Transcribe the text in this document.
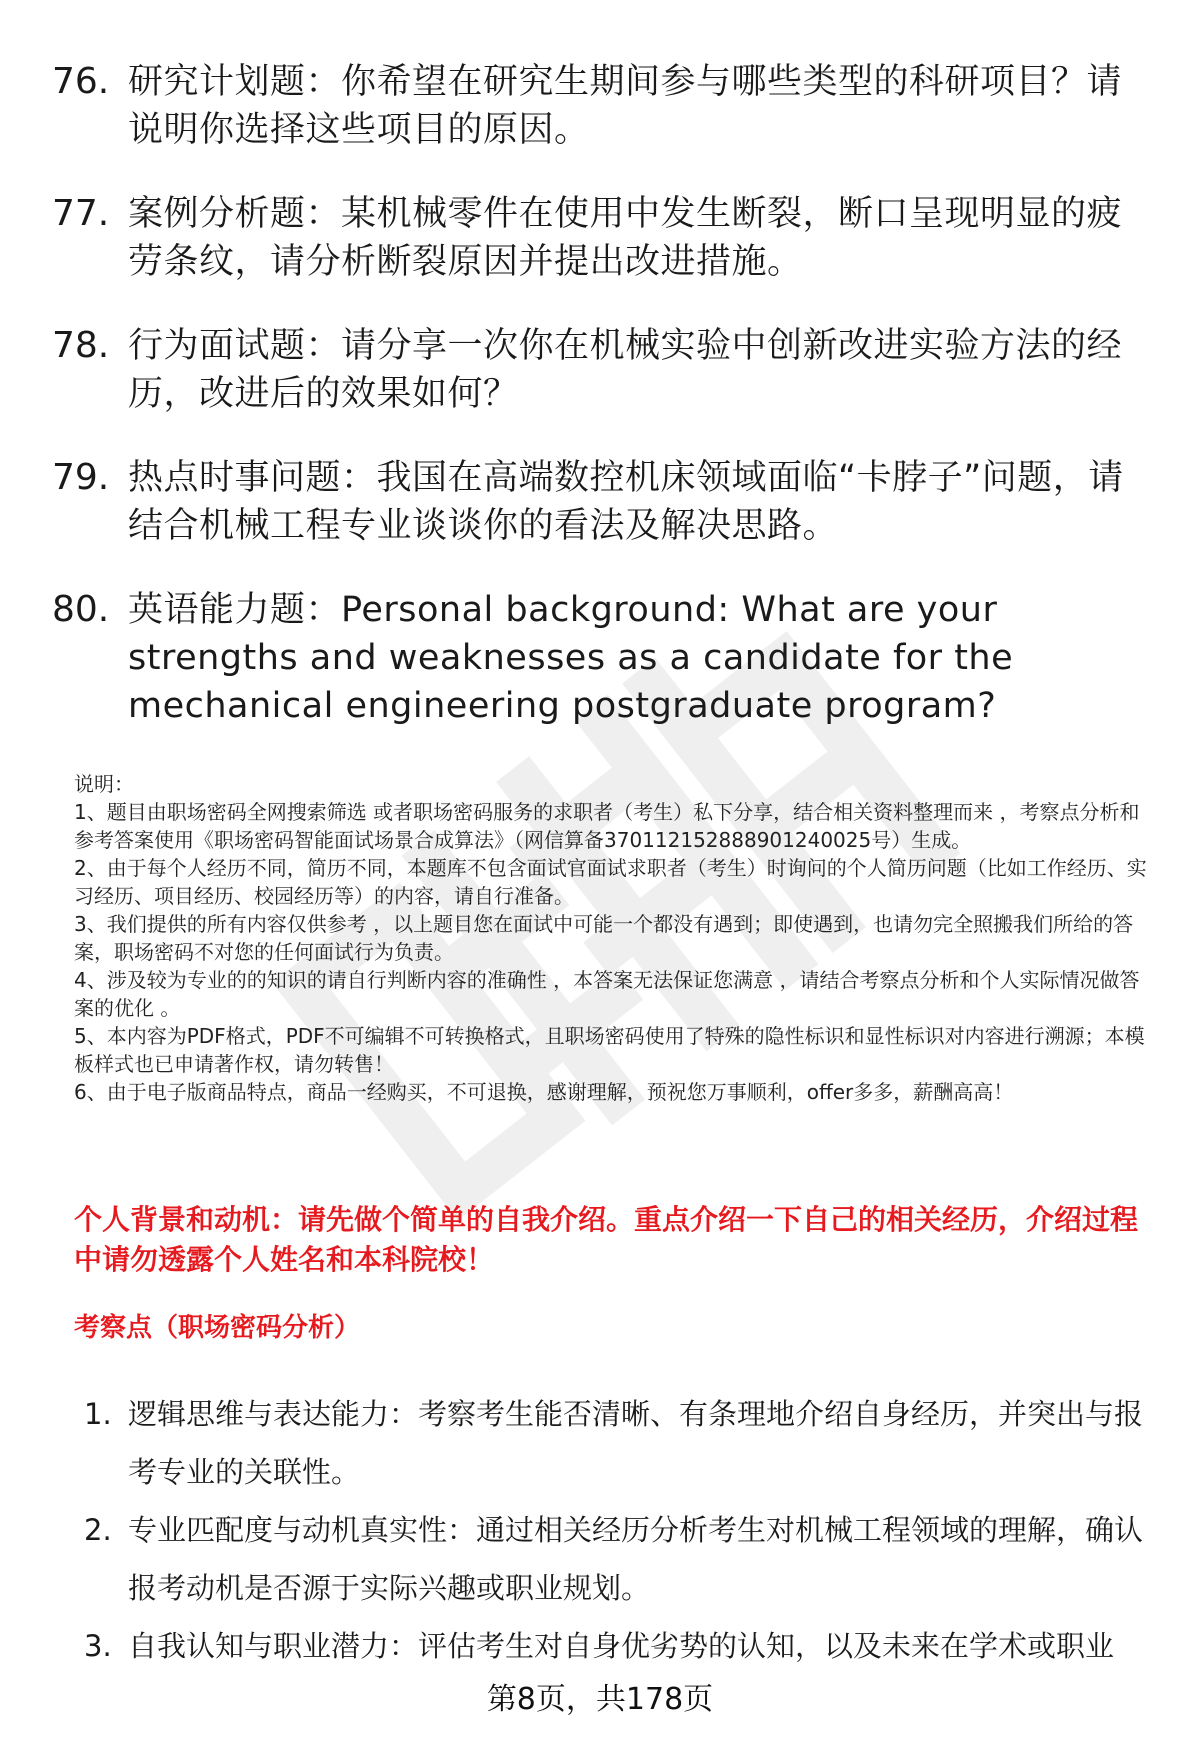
76. 研究计划题：你希望在研究生期间参与哪些类型的科研项目？请说明你选择这些项目的原因。
77. 案例分析题：某机械零件在使用中发生断裂，断口呈现明显的疲劳条纹，请分析断裂原因并提出改进措施。
78. 行为面试题：请分享一次你在机械实验中创新改进实验方法的经历，改进后的效果如何？
79. 热点时事问题：我国在高端数控机床领域面临“卡脖子”问题，请结合机械工程专业谈谈你的看法及解决思路。
80. 英语能力题：Personal background: What are your strengths and weaknesses as a candidate for the mechanical engineering postgraduate program?

说明：

1、题目由职场密码全网搜索筛选 或者职场密码服务的求职者（考生）私下分享，结合相关资料整理而来 ，考察点分析和参考答案使用《职场密码智能面试场景合成算法》（网信算备370112152888901240025号）生成。

2、由于每个人经历不同，简历不同，本题库不包含面试官面试求职者（考生）时询问的个人简历问题（比如工作经历、实习经历、项目经历、校园经历等）的内容，请自行准备。

3、我们提供的所有内容仅供参考 ，以上题目您在面试中可能一个都没有遇到；即使遇到，也请勿完全照搬我们所给的答案，职场密码不对您的任何面试行为负责。

4、涉及较为专业的的知识的请自行判断内容的准确性 ，本答案无法保证您满意 ，请结合考察点分析和个人实际情况做答案的优化 。

5、本内容为PDF格式，PDF不可编辑不可转换格式，且职场密码使用了特殊的隐性标识和显性标识对内容进行溯源；本模板样式也已申请著作权，请勿转售！

6、由于电子版商品特点，商品一经购买，不可退换，感谢理解，预祝您万事顺利，offer多多，薪酬高高！

个人背景和动机：请先做个简单的自我介绍。重点介绍一下自己的相关经历，介绍过程中请勿透露个人姓名和本科院校！
考察点（职场密码分析）
1. 逻辑思维与表达能力：考察考生能否清晰、有条理地介绍自身经历，并突出与报考专业的关联性。
2. 专业匹配度与动机真实性：通过相关经历分析考生对机械工程领域的理解，确认报考动机是否源于实际兴趣或职业规划。
3. 自我认知与职业潜力：评估考生对自身优劣势的认知，以及未来在学术或职业
第8页，共178页
